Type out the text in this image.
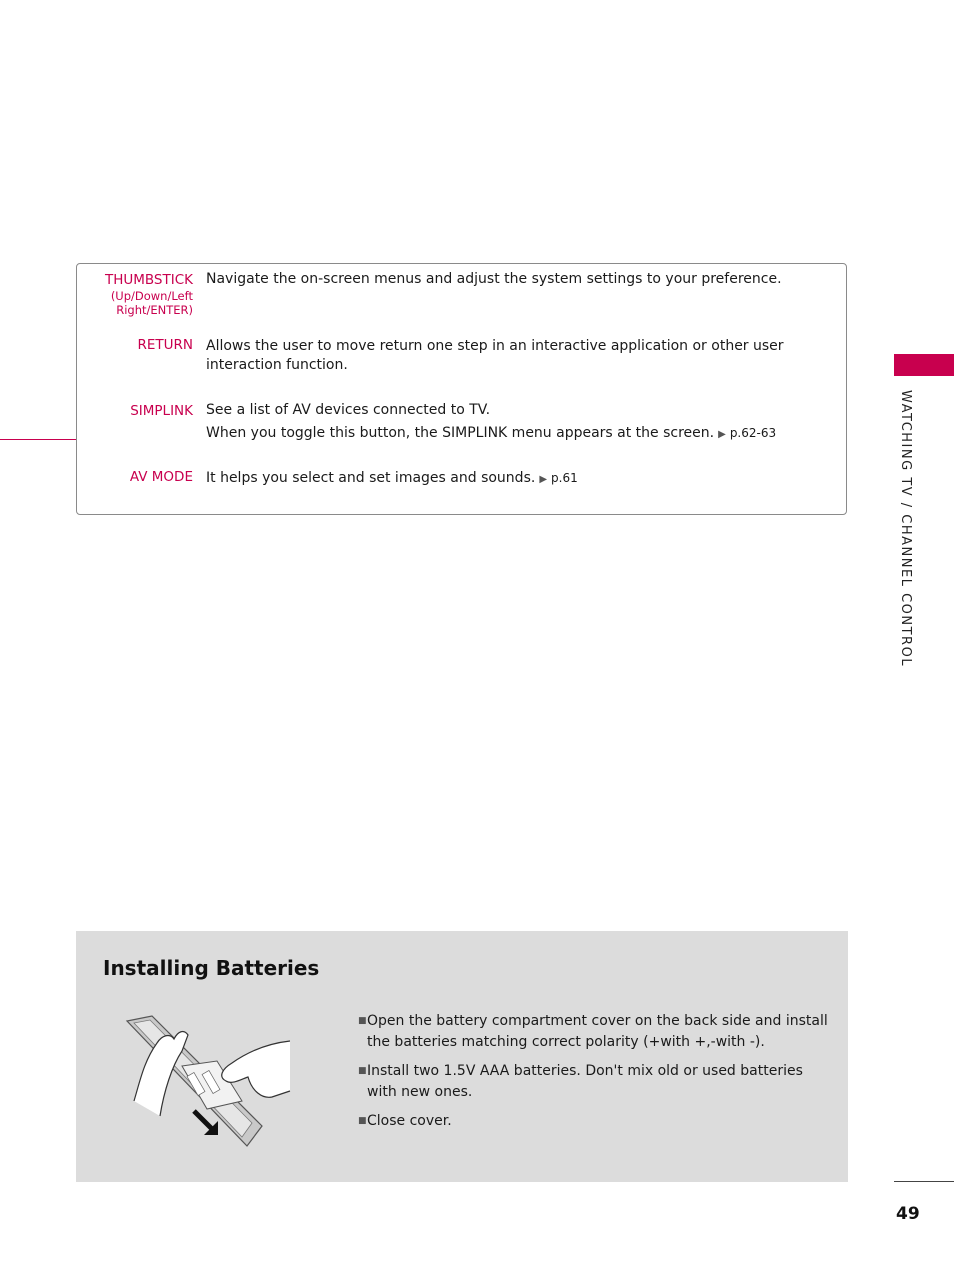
WATCHING TV / CHANNEL CONTROL
THUMBSTICK
(Up/Down/Left
Right/ENTER)

Navigate the on-screen menus and adjust the system settings to your preference.

RETURN Allows the user to move return one step in an interactive application or other user interaction function.

SIMPLINK See a list of AV devices connected to TV.

When you toggle this button, the SIMPLINK menu appears at the screen. ▶ p.62-63

AV MODE It helps you select and set images and sounds. ▶ p.61

Installing Batteries
■ Open the battery compartment cover on the back side and install the batteries matching correct polarity (+with +,-with -).
■ Install two 1.5V AAA batteries. Don't mix old or used batteries with new ones.
■ Close cover.
49
